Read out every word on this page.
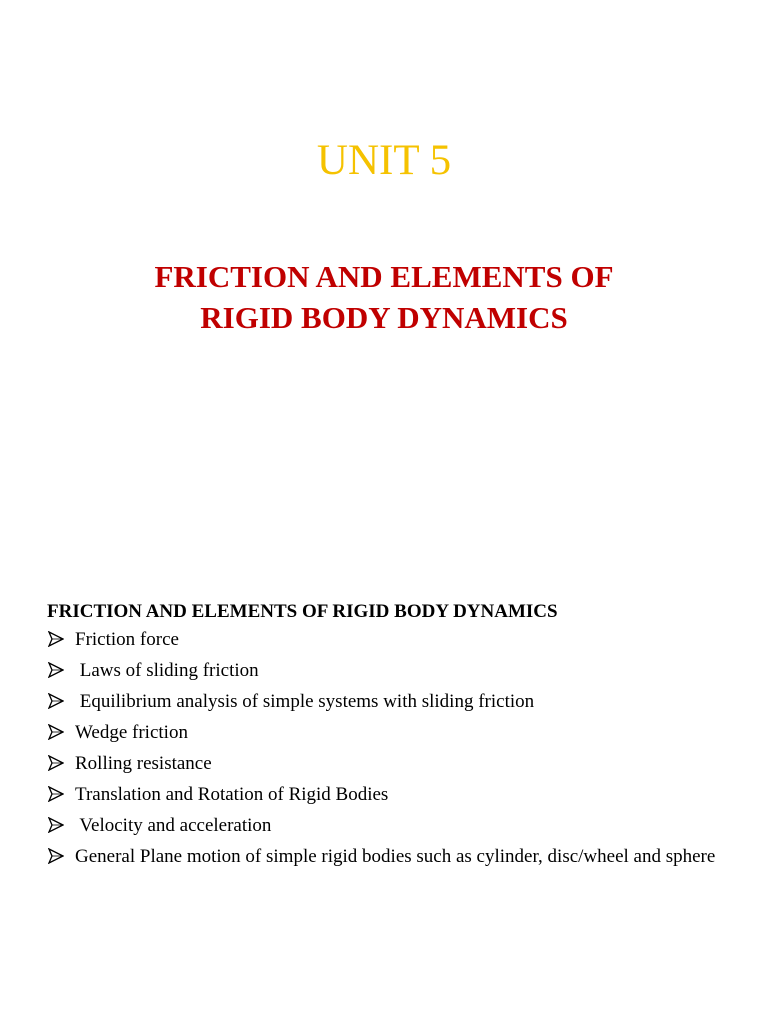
UNIT 5
FRICTION AND ELEMENTS OF
RIGID BODY DYNAMICS
FRICTION AND ELEMENTS OF RIGID BODY DYNAMICS
Friction force
Laws of sliding friction
Equilibrium analysis of simple systems with sliding friction
Wedge friction
Rolling resistance
Translation and Rotation of Rigid Bodies
Velocity and acceleration
General Plane motion of simple rigid bodies such as cylinder, disc/wheel and sphere
